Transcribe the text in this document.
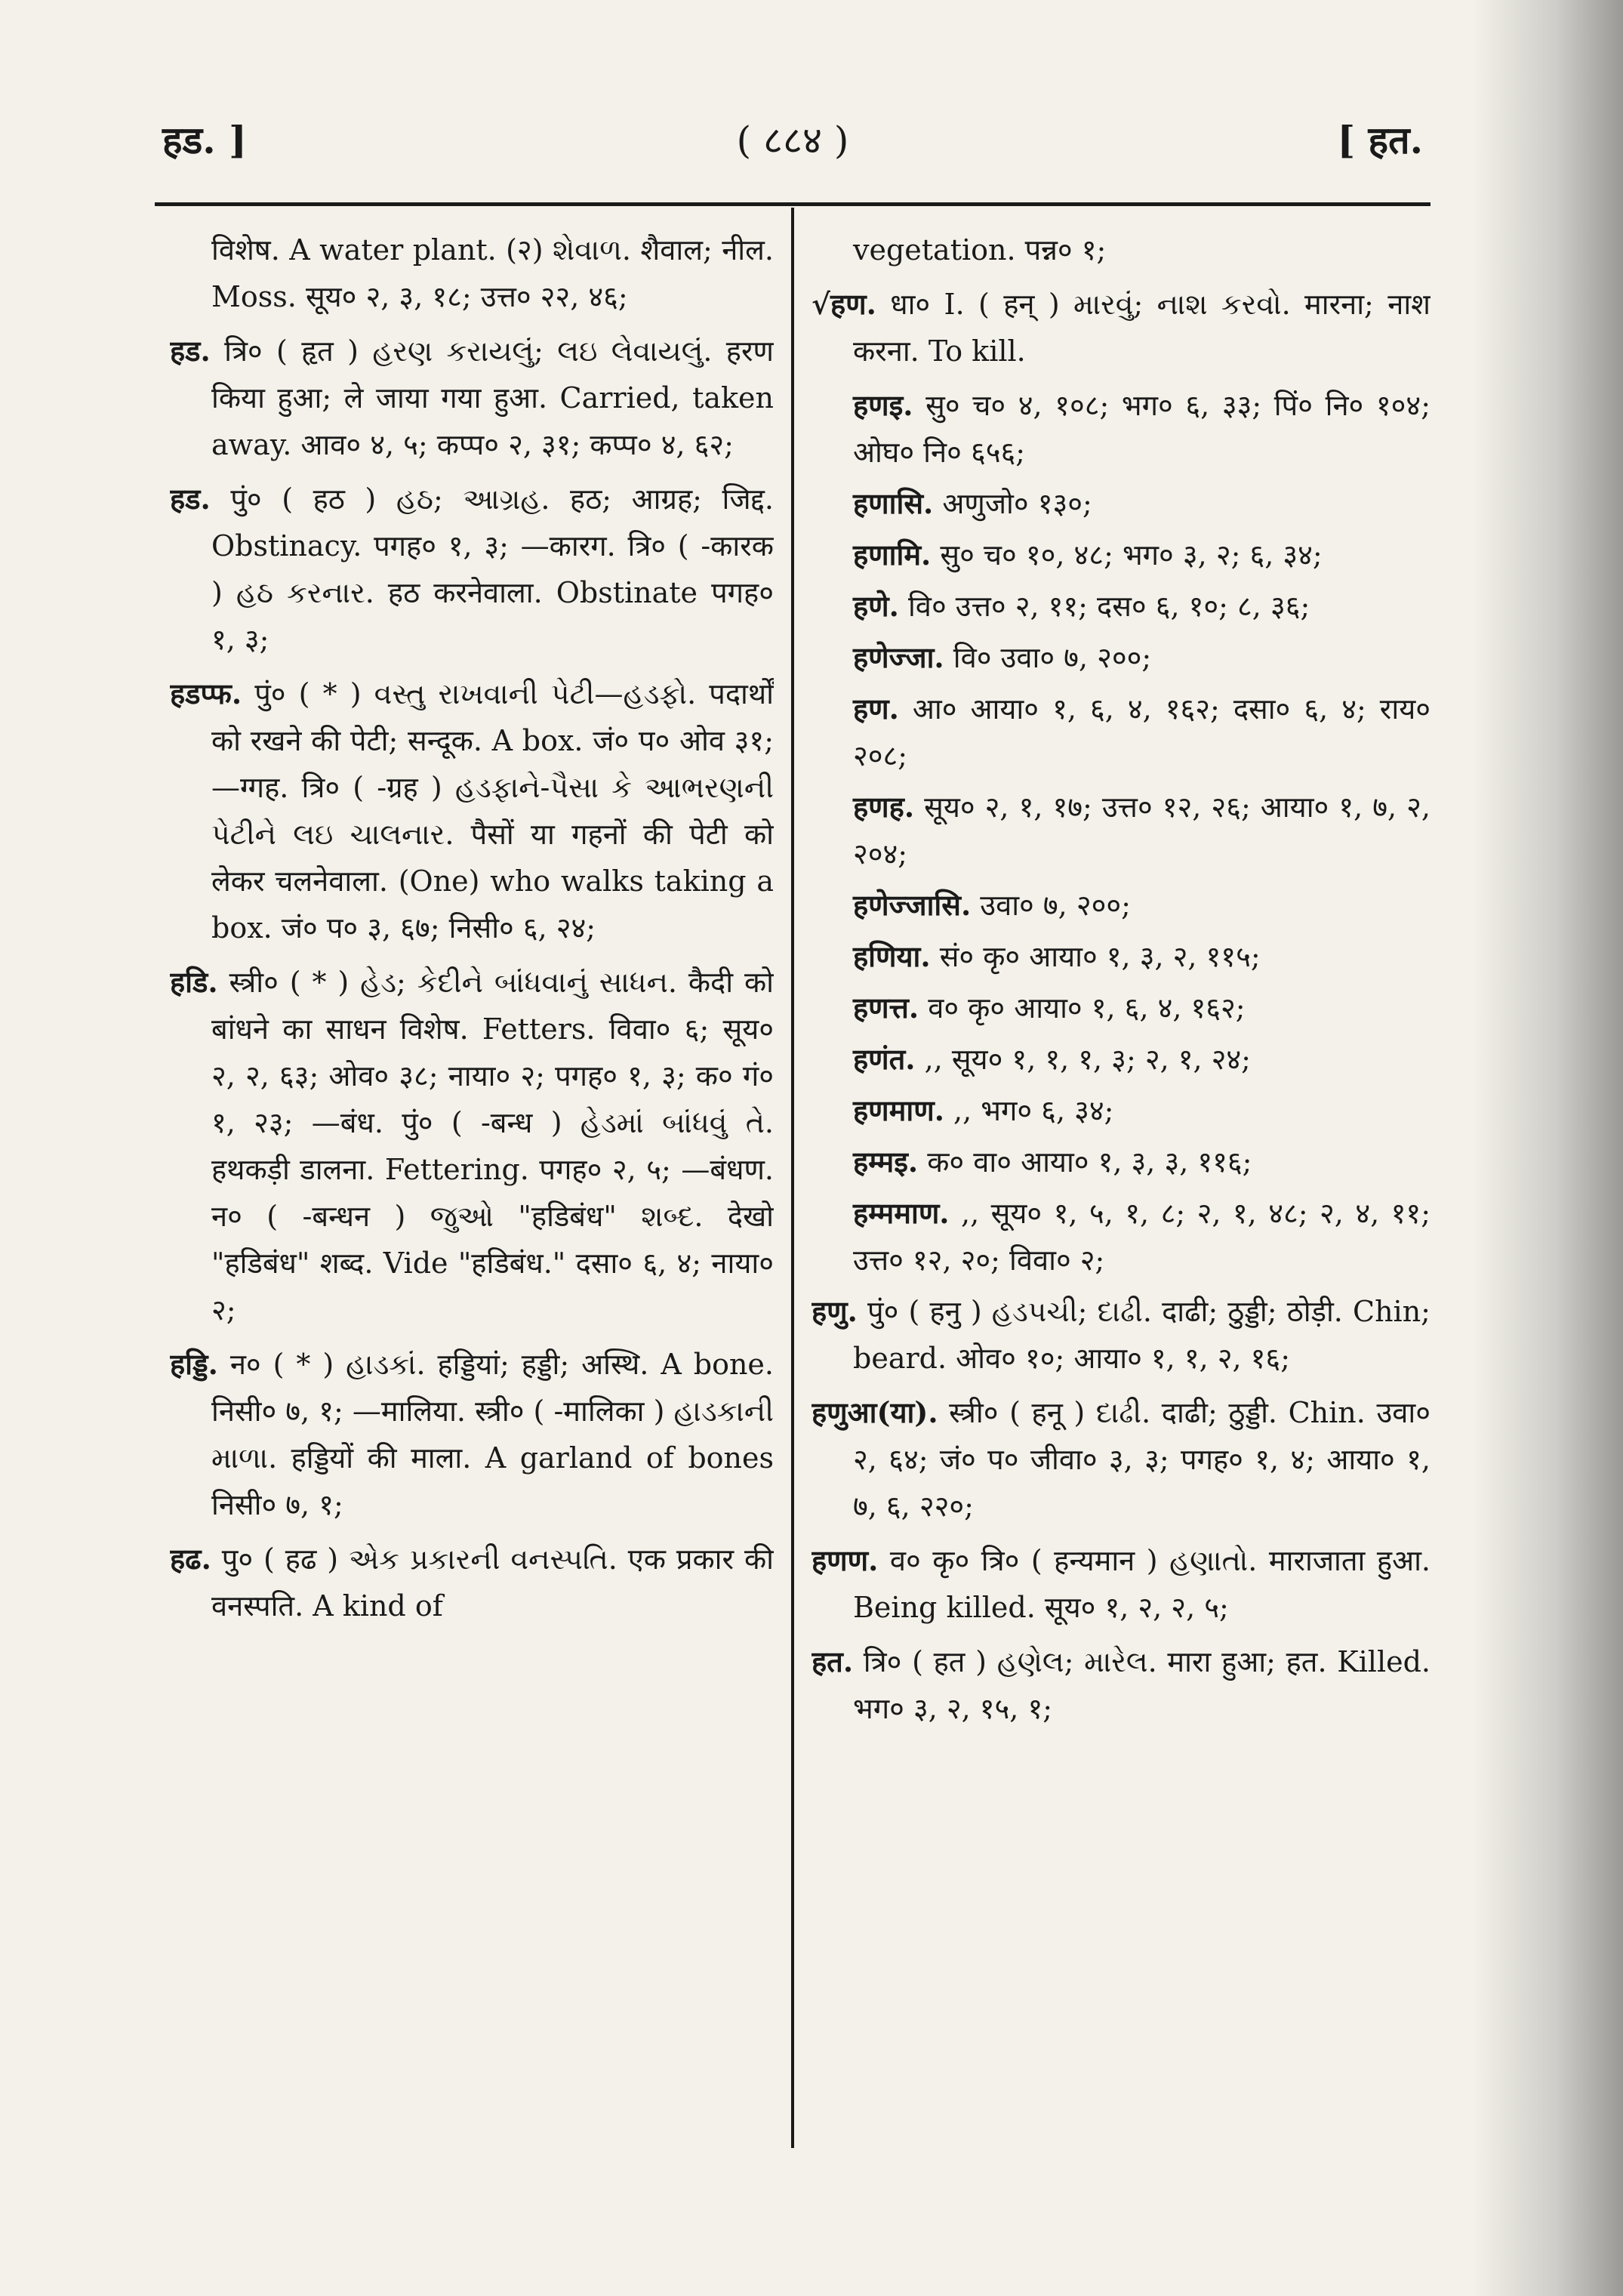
हड. ]	( ८८४ )	[ हत.
विशेष. A water plant. (२) શેવાળ. शैवाल; नील. Moss. सूय० २, ३, १८; उत्त० २२, ४६;
हड. त्रि० ( हृत ) હરણ કરાયલું; લઇ લેવાયલું. हरण किया हुआ; ले जाया गया हुआ. Carried, taken away. आव० ४, ५; कप्प० २, ३१; कप्प० ४, ६२;
हड. पुं० ( हठ ) હઠ; આગ્રહ. हठ; आग्रह; जिद्द. Obstinacy. पगह० १, ३; —कारग. त्रि० ( -कारक ) હઠ કરનાર. हठ करनेवाला. Obstinate पगह० १, ३;
हडप्फ. पुं० ( * ) વસ્તુ રાખવાની પેટી—હડફો. पदार्थों को रखने की पेटी; सन्दूक. A box. जं० प० ओव ३१; —ग्गह. त्रि० ( -ग्रह ) હડફાને-પૈસા કે આભરણની પેટીને લઇ ચાલનાર. पैसों या गहनों की पेटी को लेकर चलनेवाला. (One) who walks taking a box. जं० प० ३, ६७; निसी० ६, २४;
हडि. स्त्री० ( * ) હેડ; કેદીને બાંધવાનું સાધન. कैदी को बांधने का साधन विशेष. Fetters. विवा० ६; सूय० २, २, ६३; ओव० ३८; नाया० २; पगह० १, ३; क० गं० १, २३; —बंध. पुं० ( -बन्ध ) હેડમાં બાંધવું તે. हथकड़ी डालना. Fettering. पगह० २, ५; —बंधण. न० ( -बन्धन ) જુઓ "हडिबंध" શબ્દ. देखो "हडिबंध" शब्द. Vide "हडिबंध." दसा० ६, ४; नाया० २;
हड्डि. न० ( * ) હાડકાં. हड्डियां; हड्डी; अस्थि. A bone. निसी० ७, १; —मालिया. स्त्री० ( -मालिका ) હાડકાની માળા. हड्डियों की माला. A garland of bones निसी० ७, १;
हढ. पु० ( हढ ) એક પ્રકારની વનસ્પતિ. एक प्रकार की वनस्पति. A kind of
vegetation. पन्न० १;
√हण. धा० I. ( हन् ) મારવું; નાશ કરવો. मारना; नाश करना. To kill.
हणइ. सु० च० ४, १०८; भग० ६, ३३; पिं० नि० १०४; ओघ० नि० ६५६;
हणासि. अणुजो० १३०;
हणामि. सु० च० १०, ४८; भग० ३, २; ६, ३४;
हणे. वि० उत्त० २, ११; दस० ६, १०; ८, ३६;
हणेज्जा. वि० उवा० ७, २००;
हण. आ० आया० १, ६, ४, १६२; दसा० ६, ४; राय० २०८;
हणह. सूय० २, १, १७; उत्त० १२, २६; आया० १, ७, २, २०४;
हणेज्जासि. उवा० ७, २००;
हणिया. सं० कृ० आया० १, ३, २, ११५;
हणत्त. व० कृ० आया० १, ६, ४, १६२;
हणंत. ,, सूय० १, १, १, ३; २, १, २४;
हणमाण. ,, भग० ६, ३४;
हम्मइ. क० वा० आया० १, ३, ३, ११६;
हम्ममाण. ,, सूय० १, ५, १, ८; २, १, ४८; २, ४, ११; उत्त० १२, २०; विवा० २;
हणु. पुं० ( हनु ) હડપચી; દાઢી. दाढी; ठुड्डी; ठोड़ी. Chin; beard. ओव० १०; आया० १, १, २, १६;
हणुआ(या). स्त्री० ( हनू ) દાઢી. दाढी; ठुड्डी. Chin. उवा० २, ६४; जं० प० जीवा० ३, ३; पगह० १, ४; आया० १, ७, ६, २२०;
हणण. व० कृ० त्रि० ( हन्यमान ) હણાતો. माराजाता हुआ. Being killed. सूय० १, २, २, ५;
हत. त्रि० ( हत ) હણેલ; મારેલ. मारा हुआ; हत. Killed. भग० ३, २, १५, १;
